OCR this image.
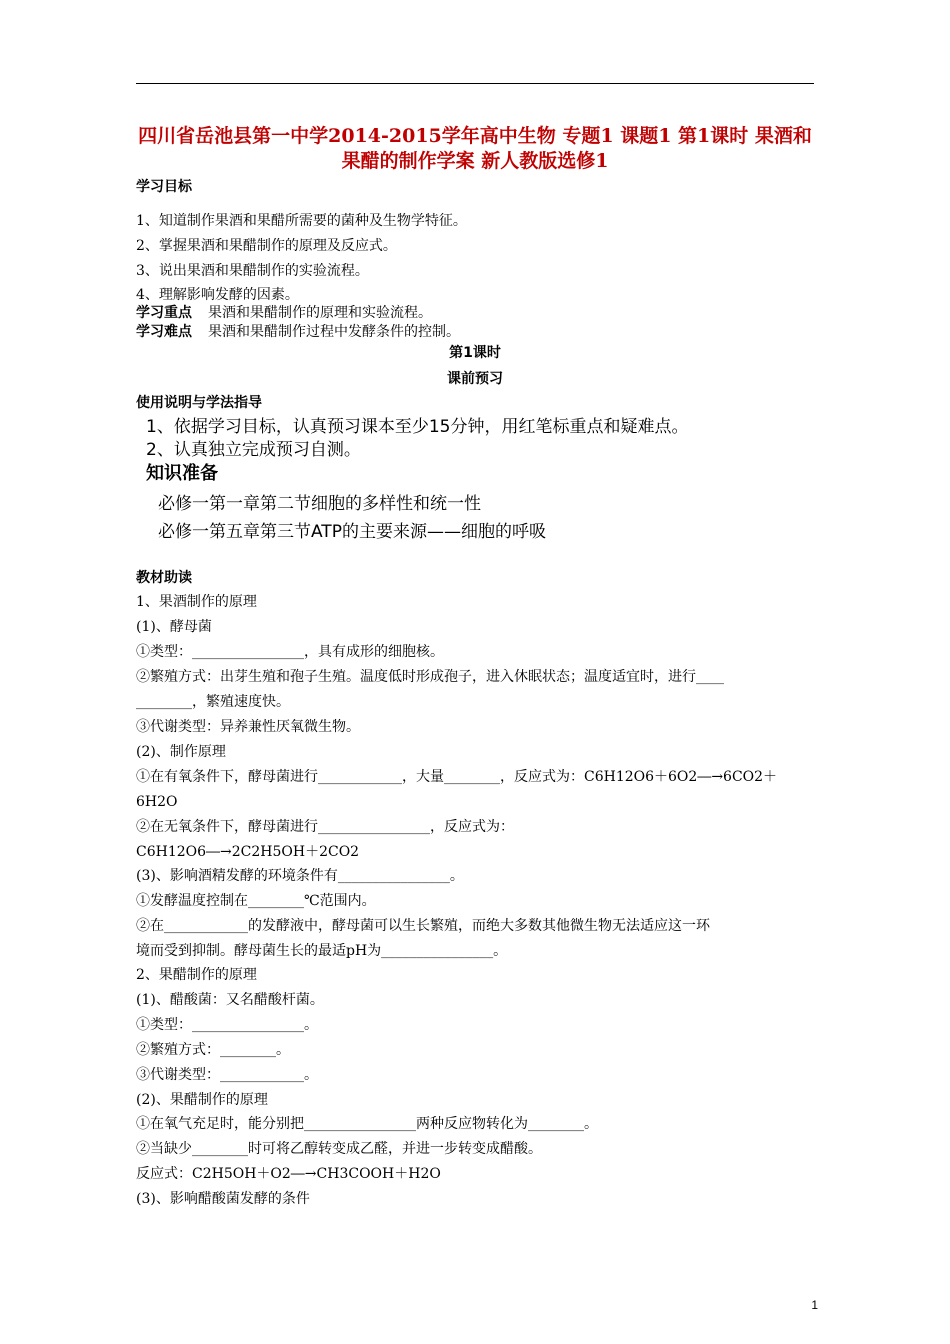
四川省岳池县第一中学2014-2015学年高中生物 专题1 课题1 第1课时 果酒和果醋的制作学案 新人教版选修1
学习目标
1、知道制作果酒和果醋所需要的菌种及生物学特征。
2、掌握果酒和果醋制作的原理及反应式。
3、说出果酒和果醋制作的实验流程。
4、理解影响发酵的因素。
学习重点 果酒和果醋制作的原理和实验流程。
学习难点 果酒和果醋制作过程中发酵条件的控制。
第1课时
课前预习
使用说明与学法指导
1、依据学习目标，认真预习课本至少15分钟，用红笔标重点和疑难点。
2、认真独立完成预习自测。
知识准备
必修一第一章第二节细胞的多样性和统一性
必修一第五章第三节ATP的主要来源——细胞的呼吸
教材助读
1、果酒制作的原理
(1)、酵母菌
①类型：________________，具有成形的细胞核。
②繁殖方式：出芽生殖和孢子生殖。温度低时形成孢子，进入休眠状态；温度适宜时，进行____
________，繁殖速度快。
③代谢类型：异养兼性厌氧微生物。
(2)、制作原理
①在有氧条件下，酵母菌进行____________，大量________，反应式为：C6H12O6＋6O2―→6CO2＋
6H2O
②在无氧条件下，酵母菌进行________________，反应式为：
C6H12O6―→2C2H5OH＋2CO2
(3)、影响酒精发酵的环境条件有________________。
①发酵温度控制在________℃范围内。
②在____________的发酵液中，酵母菌可以生长繁殖，而绝大多数其他微生物无法适应这一环
境而受到抑制。酵母菌生长的最适pH为________________。
2、果醋制作的原理
(1)、醋酸菌：又名醋酸杆菌。
①类型：________________。
②繁殖方式：________。
③代谢类型：____________。
(2)、果醋制作的原理
①在氧气充足时，能分别把________________两种反应物转化为________。
②当缺少________时可将乙醇转变成乙醛，并进一步转变成醋酸。
反应式：C2H5OH＋O2―→CH3COOH＋H2O
(3)、影响醋酸菌发酵的条件
1
